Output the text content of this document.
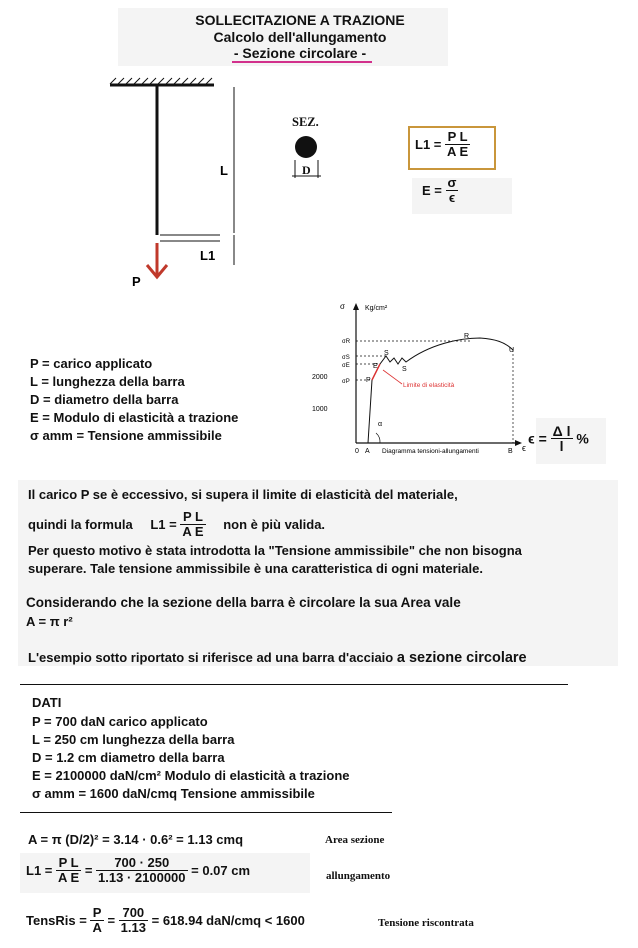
SOLLECITAZIONE A TRAZIONE
Calcolo dell'allungamento
- Sezione circolare -
L
L1
P
SEZ.
D
$L1 = \frac{\text{P L}}{\text{A E}}$
$E = \frac{\sigma}{\epsilon}$
σ	Kg/cm²
2000
1000
σR
σS
σE
σP	Limite di elasticità
α
0 A
P
E
S
S
R
U
B ϵ
Diagramma tensioni-allungamenti
$\epsilon = \frac{\text{Δ l}}{l}$ %
P = carico applicato
L = lunghezza della barra
D = diametro della barra
E = Modulo di elasticità a trazione
σ amm = Tensione ammissibile
Il carico P se è eccessivo, si supera il limite di elasticità del materiale,
quindi la formula $L1 = \frac{\text{P L}}{\text{A E}}$ non è più valida.
Per questo motivo è stata introdotta la "Tensione ammissibile" che non bisogna
superare. Tale tensione ammissibile è una caratteristica di ogni materiale.
Considerando che la sezione della barra è circolare la sua Area vale
A = π r²
L'esempio sotto riportato si riferisce ad una barra d'acciaio a sezione circolare
DATI
P = 700 daN carico applicato
L = 250 cm lunghezza della barra
D = 1.2 cm diametro della barra
E = 2100000 daN/cm² Modulo di elasticità a trazione
σ amm = 1600 daN/cmq Tensione ammissibile
A = π (D/2)² = 3.14 · 0.6² = 1.13 cmq	Area sezione
$L1 = \frac{\text{P L}}{\text{A E}} = \frac{700 \cdot 250}{1.13 \cdot 2100000} = 0.07$ cm	allungamento
TensRis = $\frac{P}{A} = \frac{700}{1.13} = 618.94$ daN/cmq < 1600	Tensione riscontrata
